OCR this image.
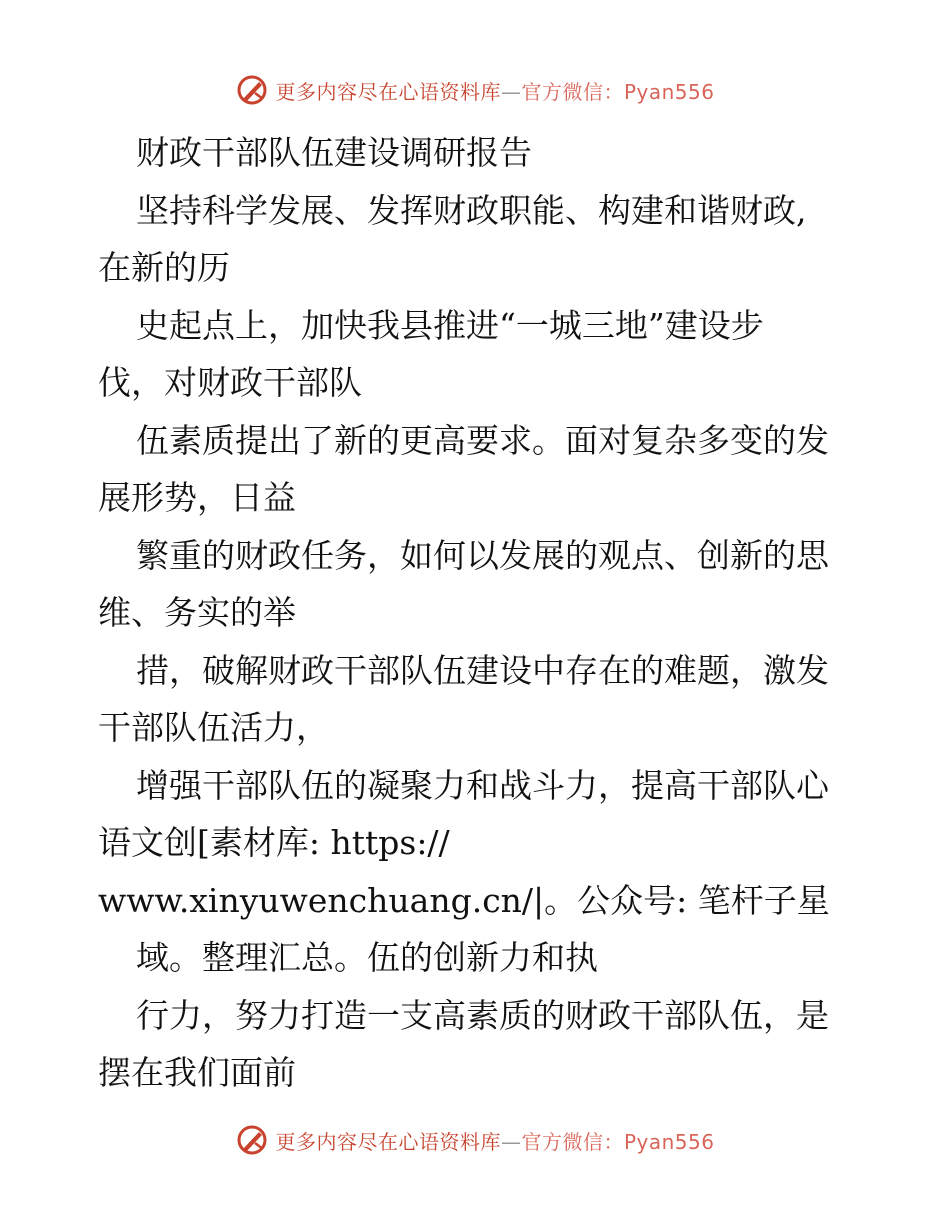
更多内容尽在心语资料库—官方微信：Pyan556
财政干部队伍建设调研报告
坚持科学发展、发挥财政职能、构建和谐财政,
在新的历
史起点上，加快我县推进“一城三地”建设步
伐，对财政干部队
伍素质提出了新的更高要求。面对复杂多变的发
展形势，日益
繁重的财政任务，如何以发展的观点、创新的思
维、务实的举
措，破解财政干部队伍建设中存在的难题，激发
干部队伍活力，
增强干部队伍的凝聚力和战斗力，提高干部队心
语文创[素材库: https://
www.xinyuwenchuang.cn/|。公众号: 笔杆子星
域。整理汇总。伍的创新力和执
行力，努力打造一支高素质的财政干部队伍，是
摆在我们面前
更多内容尽在心语资料库—官方微信：Pyan556
